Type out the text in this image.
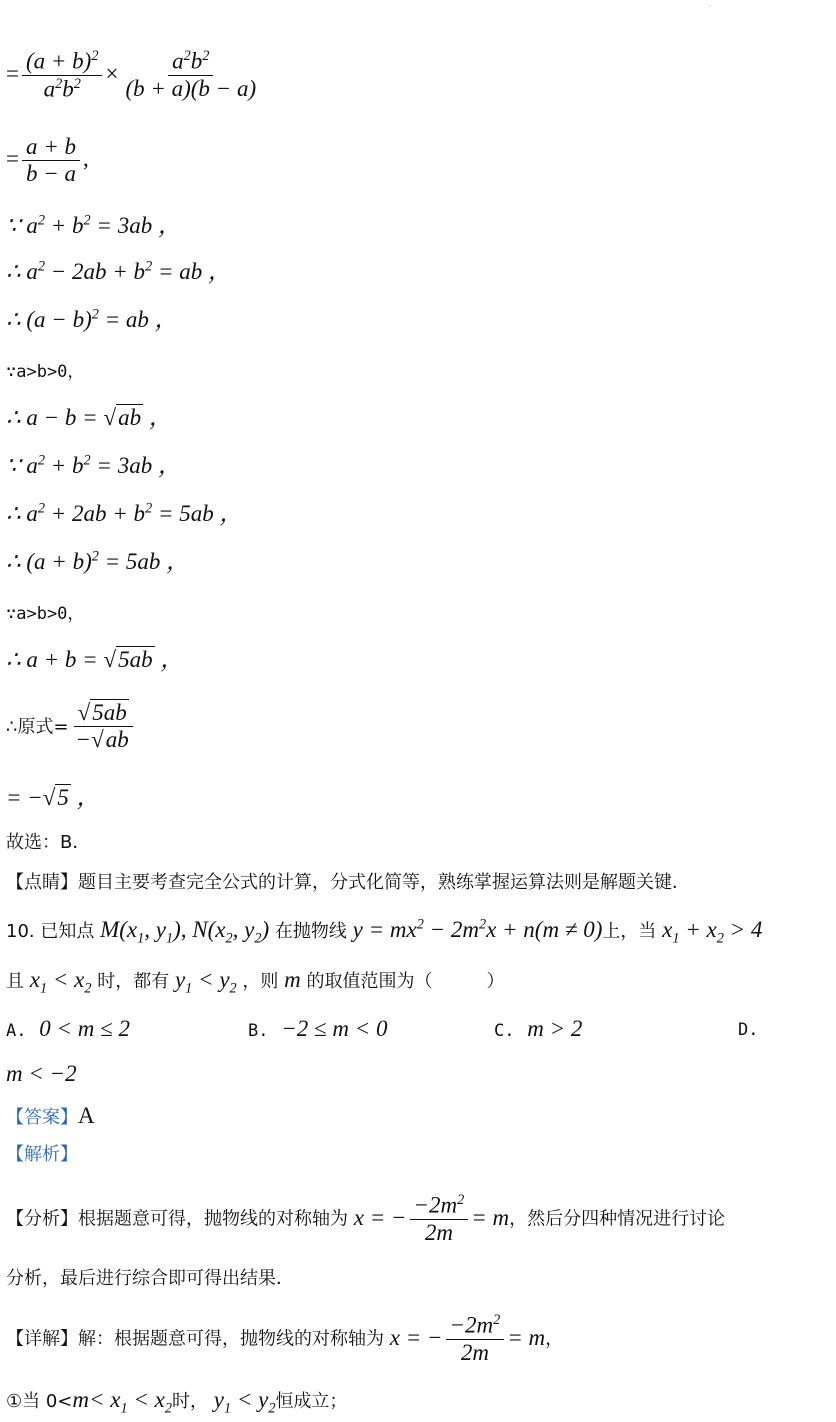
·
= $\frac{(a + b)^2}{a^2b^2} \times \frac{a^2b^2}{(b + a)(b - a)}$
= $\frac{a + b}{b - a}$ ,
∵ $a^2 + b^2 = 3ab$ ，
∴ $a^2 - 2ab + b^2$ = ab ，
∴ $(a - b)^2$ = ab ，
∵a>b>0，
∴ a − b = √ab ，
∵ $a^2 + b^2 = 3ab$ ，
∴ $a^2 + 2ab + b^2 = 5ab$ ，
∴ $(a + b)^2 = 5ab$ ，
∵a>b>0，
∴ a + b = √5ab ，
∴原式= $\frac{√5ab}{-√ab}$
= −√5 ，
故选：B．
【点睛】题目主要考查完全公式的计算，分式化简等，熟练掌握运算法则是解题关键．
10. 已知点 $M(x_1$, $y_1$), $N(x_2$, $y_2$) 在抛物线 $y = mx^2 - 2m^2x + n(m \ne 0)$上，当 $x_1 + x_2 > 4$
且 $x_1 < x_2$ 时，都有 $y_1 < y_2$ ，则 m 的取值范围为（　　　）
A. 0 < m ≤ 2	B. −2 ≤ m < 0	C. m > 2	D.
m < −2
【答案】A
【解析】
【分析】根据题意可得，抛物线的对称轴为 x = − $\frac{-2m^2}{2m} = m$，然后分四种情况进行讨论
分析，最后进行综合即可得出结果．
【详解】解：根据题意可得，抛物线的对称轴为 x = − $\frac{-2m^2}{2m} = m$，
①当 $0<m< x_1 < x_2$时， $y_1 < y_2$恒成立；
